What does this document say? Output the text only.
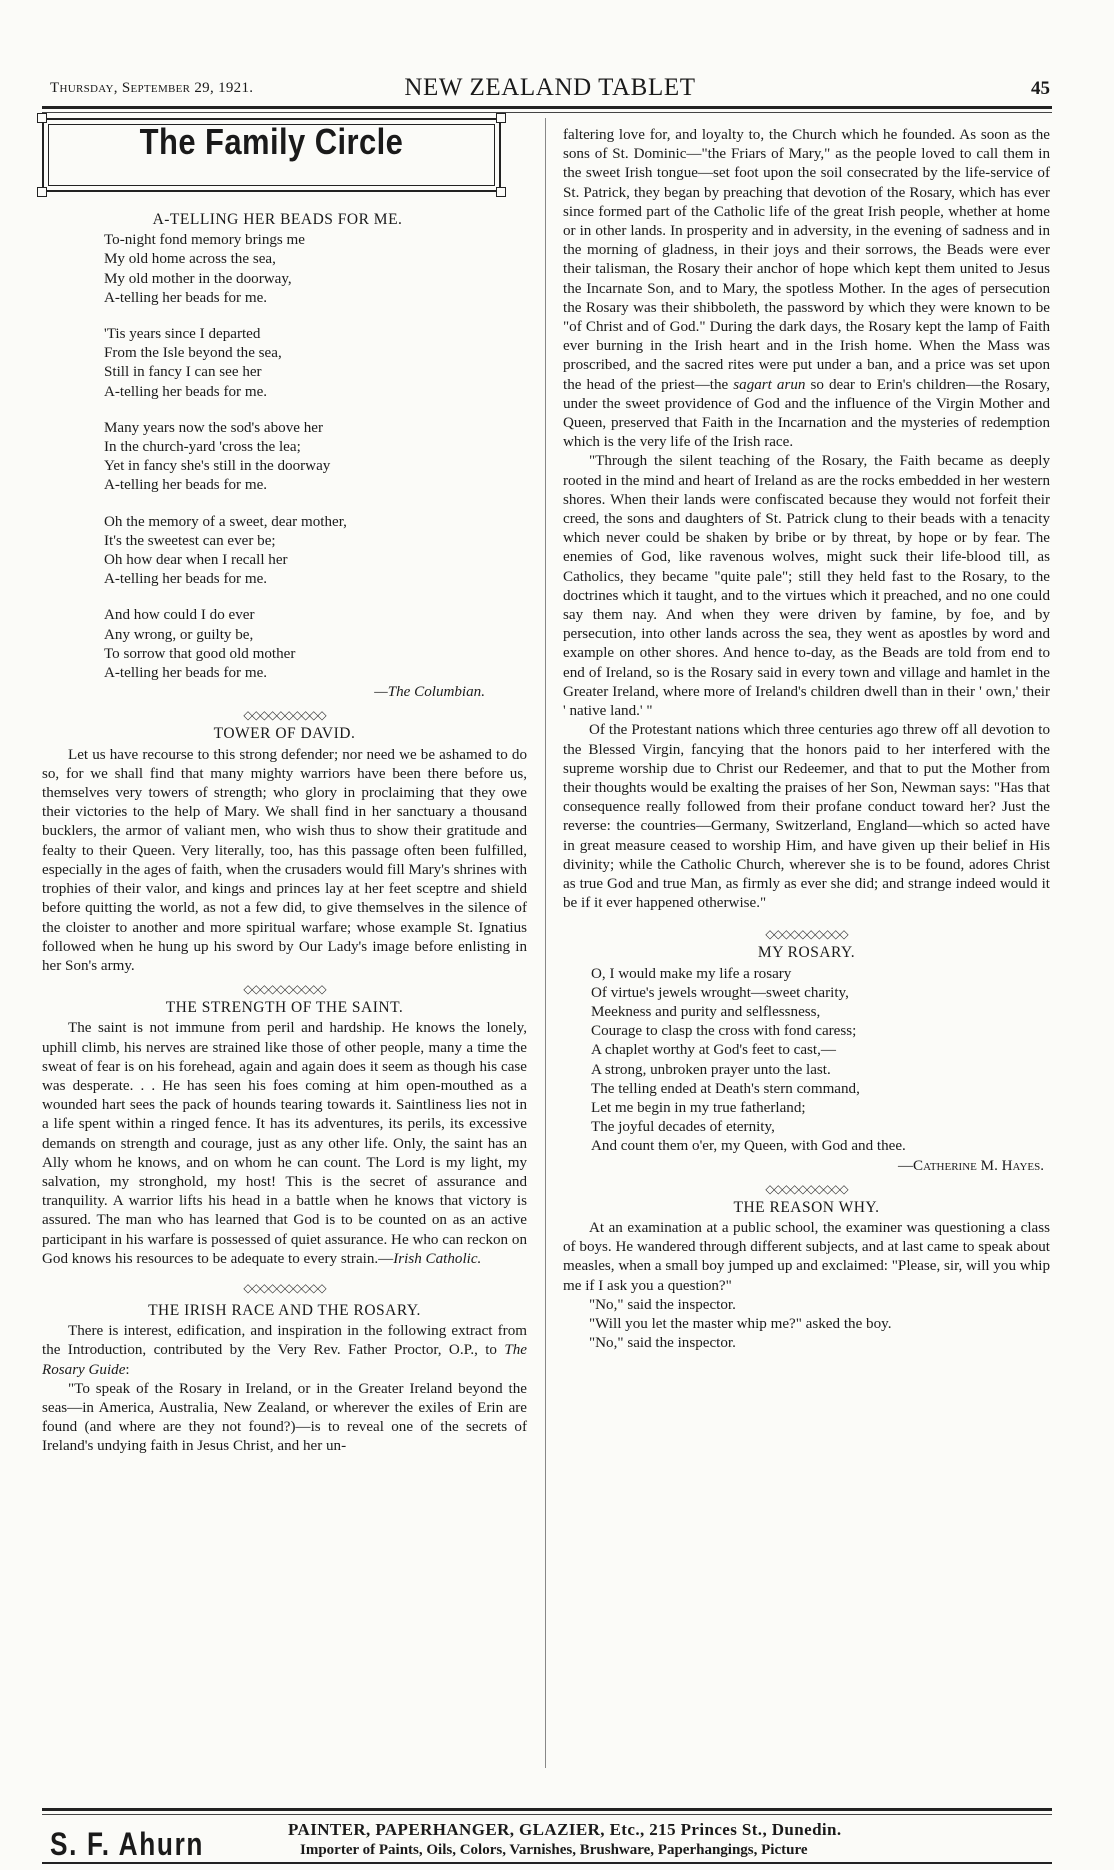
Thursday, September 29, 1921.	NEW ZEALAND TABLET	45
The Family Circle
A-TELLING HER BEADS FOR ME.
To-night fond memory brings me
My old home across the sea,
My old mother in the doorway,
A-telling her beads for me.
'Tis years since I departed
From the Isle beyond the sea,
Still in fancy I can see her
A-telling her beads for me.
Many years now the sod's above her
In the church-yard 'cross the lea;
Yet in fancy she's still in the doorway
A-telling her beads for me.
Oh the memory of a sweet, dear mother,
It's the sweetest can ever be;
Oh how dear when I recall her
A-telling her beads for me.
And how could I do ever
Any wrong, or guilty be,
To sorrow that good old mother
A-telling her beads for me.
—The Columbian.
◇◇◇◇◇◇◇◇◇◇
TOWER OF DAVID.

Let us have recourse to this strong defender; nor need we be ashamed to do so, for we shall find that many mighty warriors have been there before us, themselves very towers of strength; who glory in proclaiming that they owe their victories to the help of Mary. We shall find in her sanctuary a thousand bucklers, the armor of valiant men, who wish thus to show their gratitude and fealty to their Queen. Very literally, too, has this passage often been fulfilled, especially in the ages of faith, when the crusaders would fill Mary's shrines with trophies of their valor, and kings and princes lay at her feet sceptre and shield before quitting the world, as not a few did, to give themselves in the silence of the cloister to another and more spiritual warfare; whose example St. Ignatius followed when he hung up his sword by Our Lady's image before enlisting in her Son's army.

◇◇◇◇◇◇◇◇◇◇
THE STRENGTH OF THE SAINT.

The saint is not immune from peril and hardship. He knows the lonely, uphill climb, his nerves are strained like those of other people, many a time the sweat of fear is on his forehead, again and again does it seem as though his case was desperate. . . He has seen his foes coming at him open-mouthed as a wounded hart sees the pack of hounds tearing towards it. Saintliness lies not in a life spent within a ringed fence. It has its adventures, its perils, its excessive demands on strength and courage, just as any other life. Only, the saint has an Ally whom he knows, and on whom he can count. The Lord is my light, my salvation, my stronghold, my host! This is the secret of assurance and tranquility. A warrior lifts his head in a battle when he knows that victory is assured. The man who has learned that God is to be counted on as an active participant in his warfare is possessed of quiet assurance. He who can reckon on God knows his resources to be adequate to every strain.—Irish Catholic.

◇◇◇◇◇◇◇◇◇◇
THE IRISH RACE AND THE ROSARY.

There is interest, edification, and inspiration in the following extract from the Introduction, contributed by the Very Rev. Father Proctor, O.P., to The Rosary Guide:

"To speak of the Rosary in Ireland, or in the Greater Ireland beyond the seas—in America, Australia, New Zealand, or wherever the exiles of Erin are found (and where are they not found?)—is to reveal one of the secrets of Ireland's undying faith in Jesus Christ, and her un-

faltering love for, and loyalty to, the Church which he founded. As soon as the sons of St. Dominic—"the Friars of Mary," as the people loved to call them in the sweet Irish tongue—set foot upon the soil consecrated by the life-service of St. Patrick, they began by preaching that devotion of the Rosary, which has ever since formed part of the Catholic life of the great Irish people, whether at home or in other lands. In prosperity and in adversity, in the evening of sadness and in the morning of gladness, in their joys and their sorrows, the Beads were ever their talisman, the Rosary their anchor of hope which kept them united to Jesus the Incarnate Son, and to Mary, the spotless Mother. In the ages of persecution the Rosary was their shibboleth, the password by which they were known to be "of Christ and of God." During the dark days, the Rosary kept the lamp of Faith ever burning in the Irish heart and in the Irish home. When the Mass was proscribed, and the sacred rites were put under a ban, and a price was set upon the head of the priest—the sagart arun so dear to Erin's children—the Rosary, under the sweet providence of God and the influence of the Virgin Mother and Queen, preserved that Faith in the Incarnation and the mysteries of redemption which is the very life of the Irish race.

"Through the silent teaching of the Rosary, the Faith became as deeply rooted in the mind and heart of Ireland as are the rocks embedded in her western shores. When their lands were confiscated because they would not forfeit their creed, the sons and daughters of St. Patrick clung to their beads with a tenacity which never could be shaken by bribe or by threat, by hope or by fear. The enemies of God, like ravenous wolves, might suck their life-blood till, as Catholics, they became "quite pale"; still they held fast to the Rosary, to the doctrines which it taught, and to the virtues which it preached, and no one could say them nay. And when they were driven by famine, by foe, and by persecution, into other lands across the sea, they went as apostles by word and example on other shores. And hence to-day, as the Beads are told from end to end of Ireland, so is the Rosary said in every town and village and hamlet in the Greater Ireland, where more of Ireland's children dwell than in their ' own,' their ' native land.' "

Of the Protestant nations which three centuries ago threw off all devotion to the Blessed Virgin, fancying that the honors paid to her interfered with the supreme worship due to Christ our Redeemer, and that to put the Mother from their thoughts would be exalting the praises of her Son, Newman says: "Has that consequence really followed from their profane conduct toward her? Just the reverse: the countries—Germany, Switzerland, England—which so acted have in great measure ceased to worship Him, and have given up their belief in His divinity; while the Catholic Church, wherever she is to be found, adores Christ as true God and true Man, as firmly as ever she did; and strange indeed would it be if it ever happened otherwise."

◇◇◇◇◇◇◇◇◇◇
MY ROSARY.
O, I would make my life a rosary
Of virtue's jewels wrought—sweet charity,
Meekness and purity and selflessness,
Courage to clasp the cross with fond caress;
A chaplet worthy at God's feet to cast,—
A strong, unbroken prayer unto the last.
The telling ended at Death's stern command,
Let me begin in my true fatherland;
The joyful decades of eternity,
And count them o'er, my Queen, with God and thee.
—Catherine M. Hayes.
◇◇◇◇◇◇◇◇◇◇
THE REASON WHY.

At an examination at a public school, the examiner was questioning a class of boys. He wandered through different subjects, and at last came to speak about measles, when a small boy jumped up and exclaimed: "Please, sir, will you whip me if I ask you a question?"

"No," said the inspector.

"Will you let the master whip me?" asked the boy.

"No," said the inspector.

S. F. Ahurn	PAINTER, PAPERHANGER, GLAZIER, Etc., 215 Princes St., Dunedin.
Importer of Paints, Oils, Colors, Varnishes, Brushware, Paperhangings, Picture
